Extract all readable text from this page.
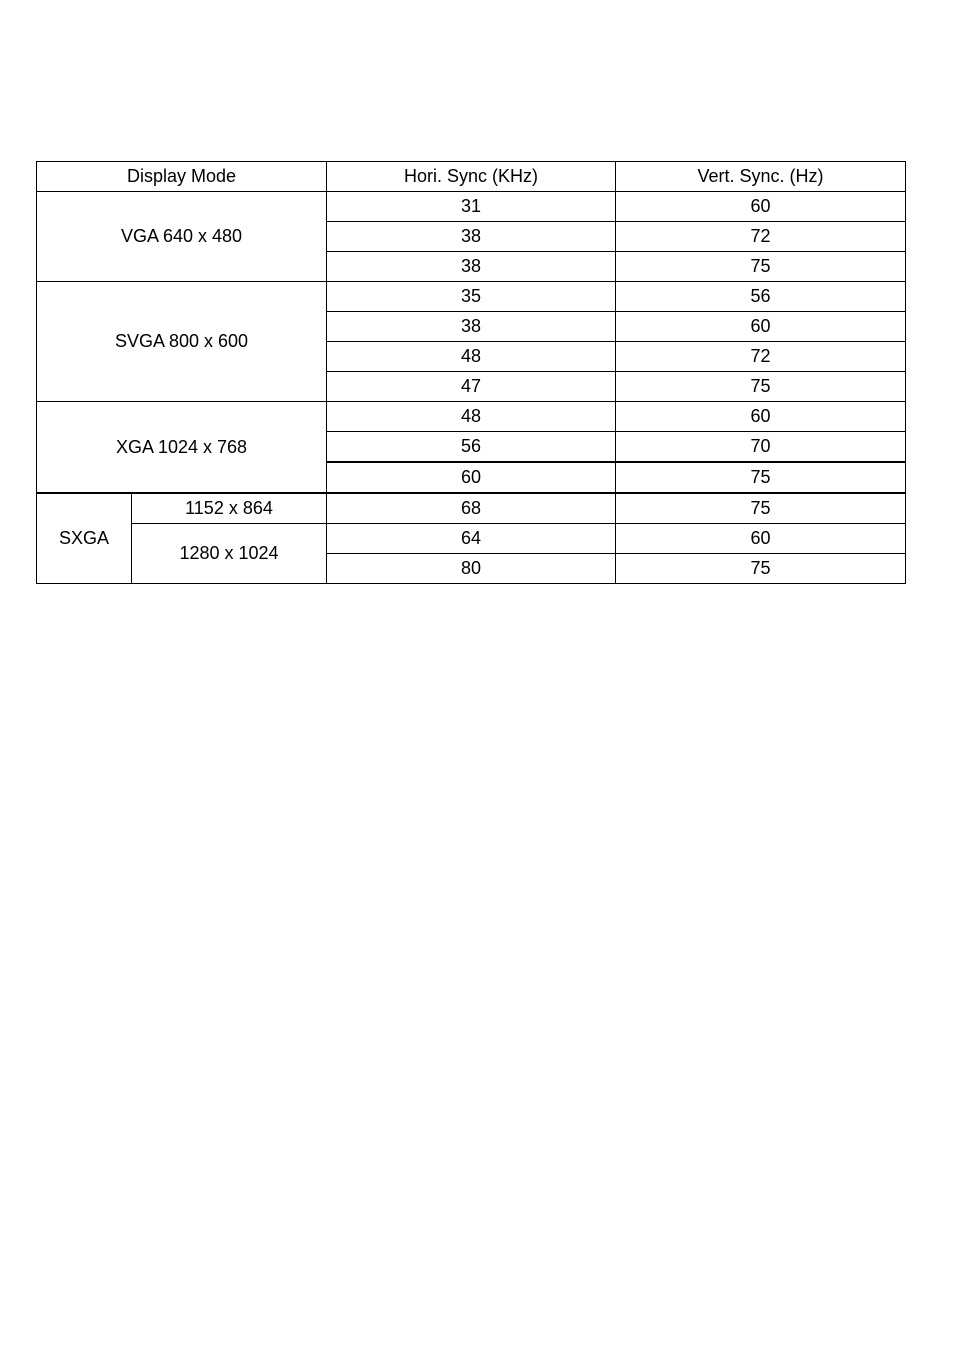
Display Mode		Hori. Sync (KHz)	Vert. Sync. (Hz)
VGA 640 x 480		31	60
		38	72
		38	75
SVGA 800 x 600		35	56
		38	60
		48	72
		47	75
XGA 1024 x 768		48	60
		56	70
		60	75
SXGA	1152 x 864	68	75
	1280 x 1024	64	60
		80	75
